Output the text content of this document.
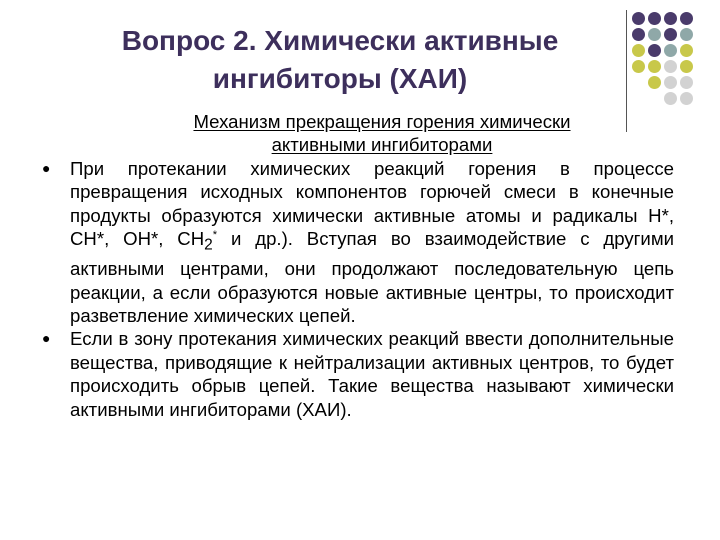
Вопрос 2. Химически активные
ингибиторы (ХАИ)
Механизм прекращения горения химически
активными ингибиторами
● При протекании химических реакций горения в процессе превращения исходных компонентов горючей смеси в конечные продукты образуются химически активные атомы и радикалы Н*, СН*, ОН*, $СН_2^*$ и др.). Вступая во взаимодействие с другими активными центрами, они продолжают последовательную цепь реакции, а если образуются новые активные центры, то происходит разветвление химических цепей.
● Если в зону протекания химических реакций ввести дополнительные вещества, приводящие к нейтрализации активных центров, то будет происходить обрыв цепей. Такие вещества называют химически активными ингибиторами (ХАИ).
